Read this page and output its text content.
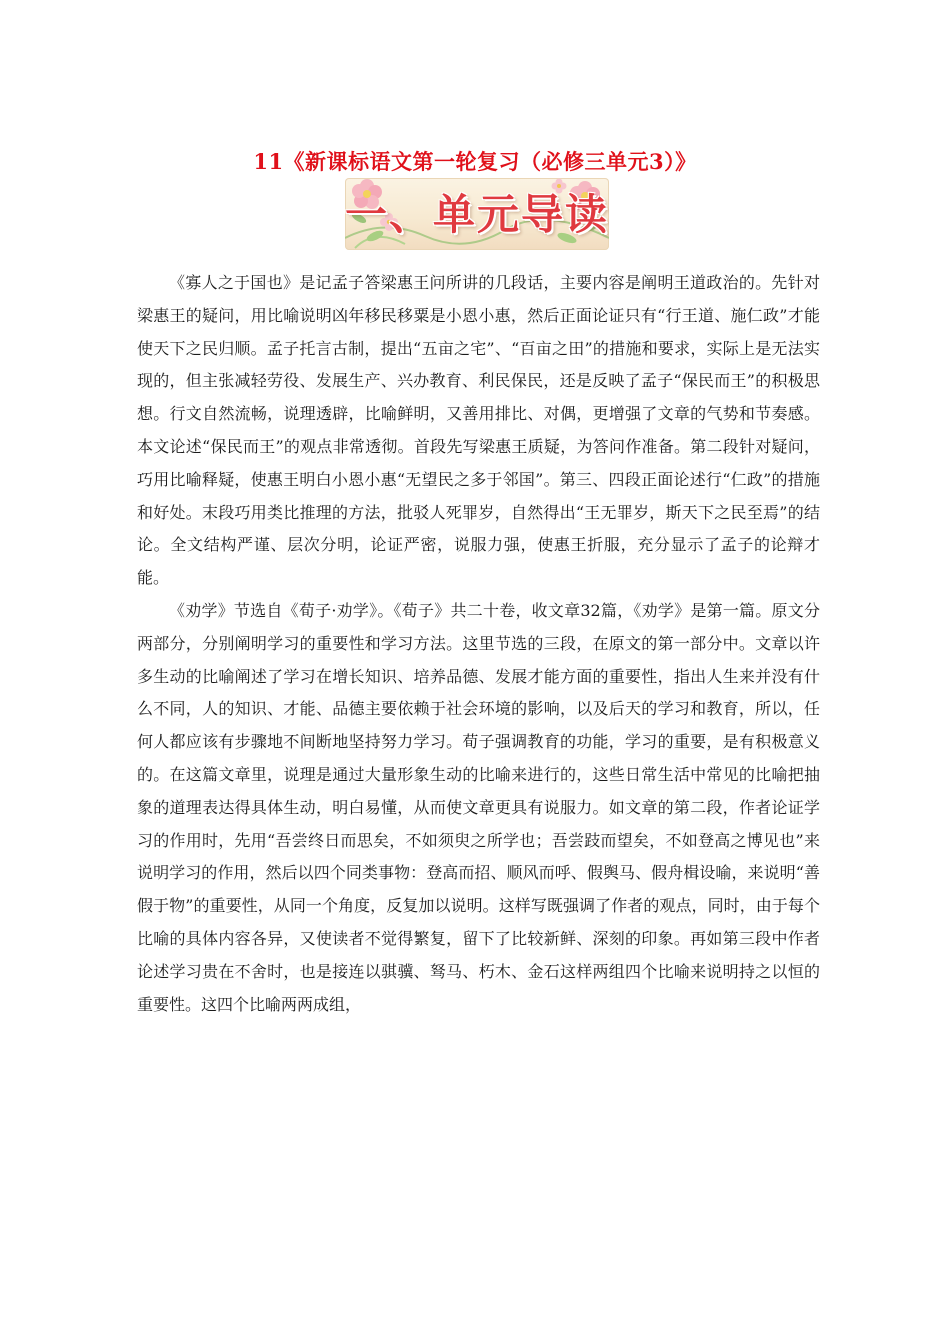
11《新课标语文第一轮复习（必修三单元3）》
一、单元导读

《寡人之于国也》是记孟子答梁惠王问所讲的几段话，主要内容是阐明王道政治的。先针对梁惠王的疑问，用比喻说明凶年移民移粟是小恩小惠，然后正面论证只有“行王道、施仁政”才能使天下之民归顺。孟子托言古制，提出“五亩之宅”、“百亩之田”的措施和要求，实际上是无法实现的，但主张减轻劳役、发展生产、兴办教育、利民保民，还是反映了孟子“保民而王”的积极思想。行文自然流畅，说理透辟，比喻鲜明，又善用排比、对偶，更增强了文章的气势和节奏感。本文论述“保民而王”的观点非常透彻。首段先写梁惠王质疑，为答问作准备。第二段针对疑问，巧用比喻释疑，使惠王明白小恩小惠“无望民之多于邻国”。第三、四段正面论述行“仁政”的措施和好处。末段巧用类比推理的方法，批驳人死罪岁，自然得出“王无罪岁，斯天下之民至焉”的结论。全文结构严谨、层次分明，论证严密，说服力强，使惠王折服，充分显示了孟子的论辩才能。

《劝学》节选自《荀子·劝学》。《荀子》共二十卷，收文章32篇，《劝学》是第一篇。原文分两部分，分别阐明学习的重要性和学习方法。这里节选的三段，在原文的第一部分中。文章以许多生动的比喻阐述了学习在增长知识、培养品德、发展才能方面的重要性，指出人生来并没有什么不同，人的知识、才能、品德主要依赖于社会环境的影响，以及后天的学习和教育，所以，任何人都应该有步骤地不间断地坚持努力学习。荀子强调教育的功能，学习的重要，是有积极意义的。在这篇文章里，说理是通过大量形象生动的比喻来进行的，这些日常生活中常见的比喻把抽象的道理表达得具体生动，明白易懂，从而使文章更具有说服力。如文章的第二段，作者论证学习的作用时，先用“吾尝终日而思矣，不如须臾之所学也；吾尝跂而望矣，不如登高之博见也”来说明学习的作用，然后以四个同类事物：登高而招、顺风而呼、假舆马、假舟楫设喻，来说明“善假于物”的重要性，从同一个角度，反复加以说明。这样写既强调了作者的观点，同时，由于每个比喻的具体内容各异，又使读者不觉得繁复，留下了比较新鲜、深刻的印象。再如第三段中作者论述学习贵在不舍时，也是接连以骐骥、驽马、朽木、金石这样两组四个比喻来说明持之以恒的重要性。这四个比喻两两成组，
